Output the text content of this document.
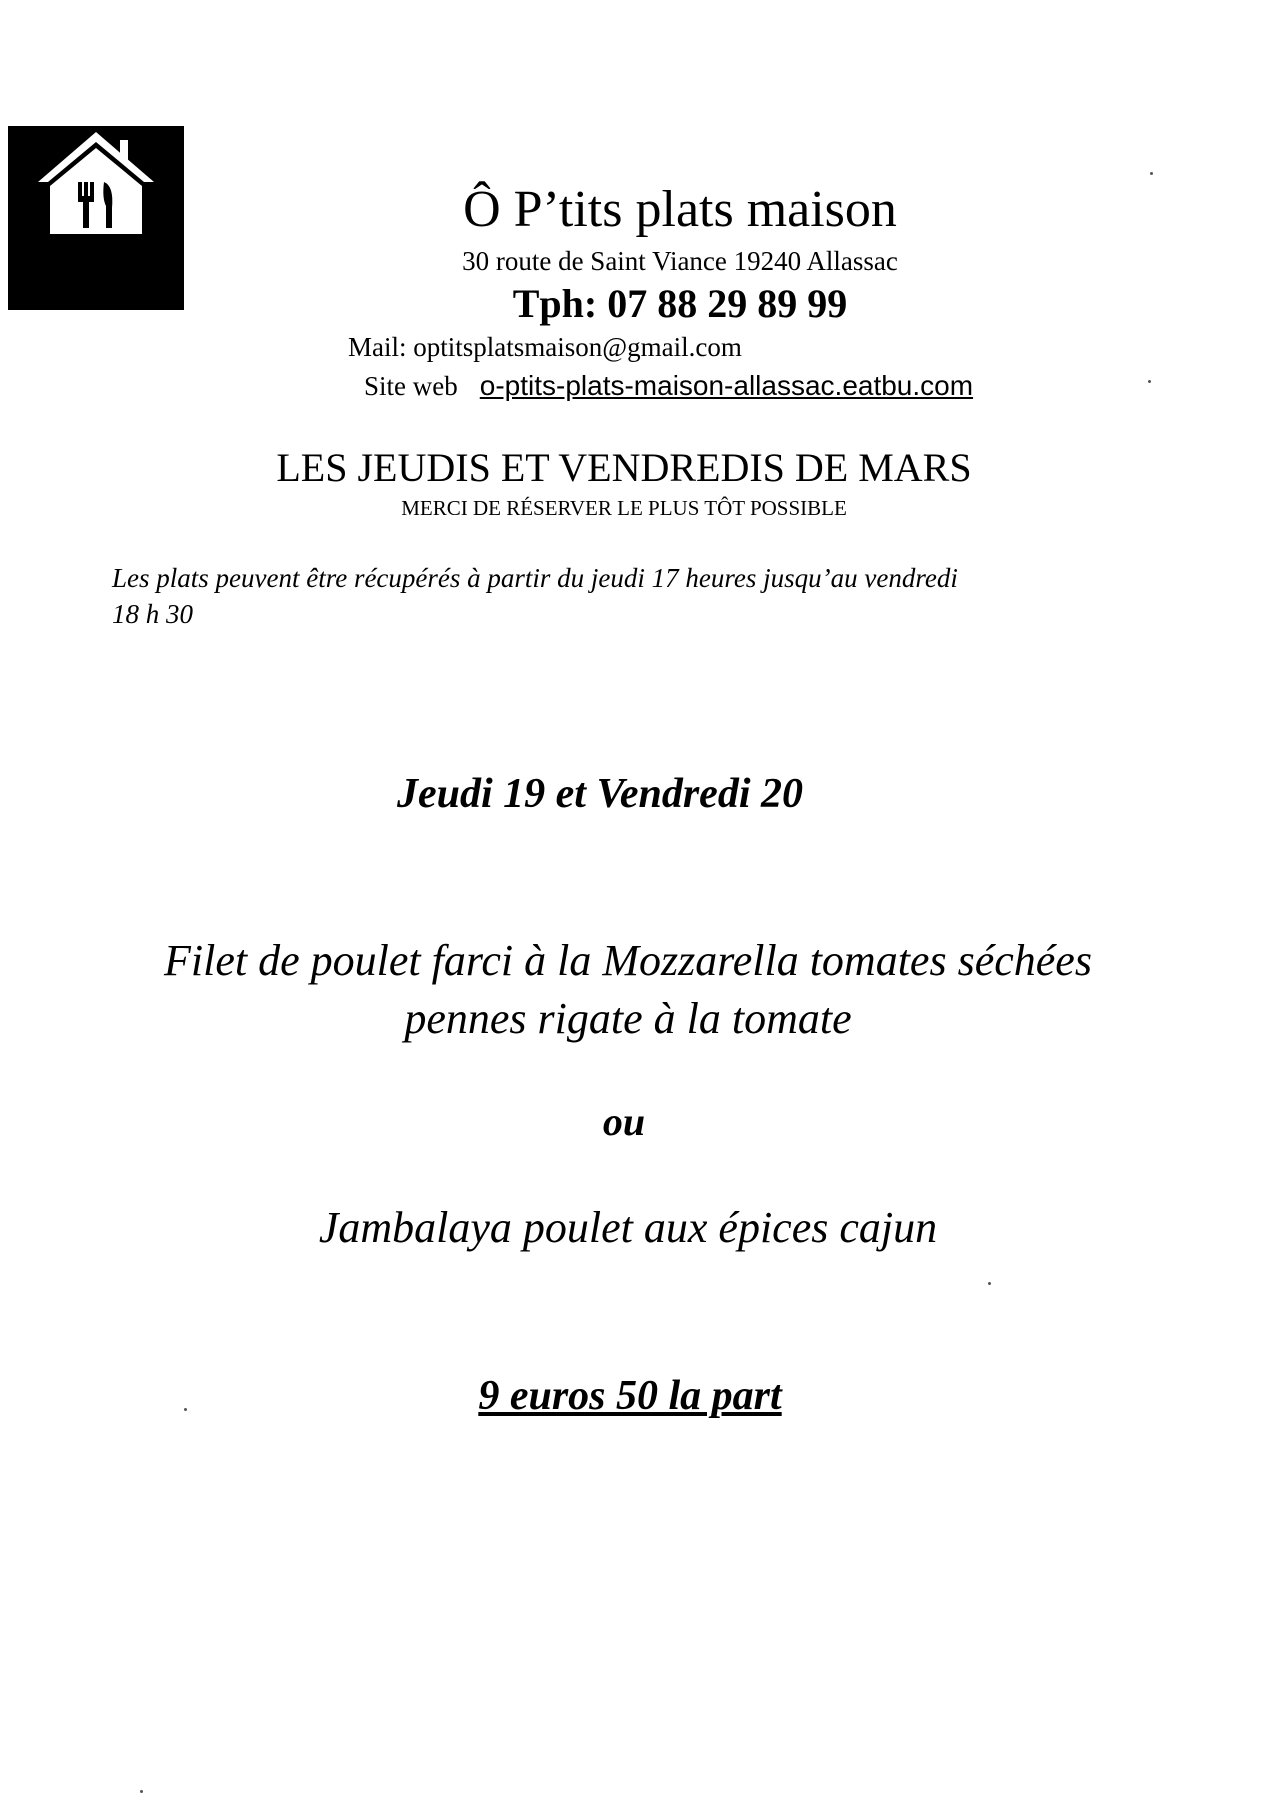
Ô P’tits plats maison
30 route de Saint Viance 19240 Allassac
Tph: 07 88 29 89 99
Mail: optitsplatsmaison@gmail.com
Site web o-ptits-plats-maison-allassac.eatbu.com
LES JEUDIS ET VENDREDIS DE MARS
MERCI DE RÉSERVER LE PLUS TÔT POSSIBLE
Les plats peuvent être récupérés à partir du jeudi 17 heures jusqu’au vendredi
18 h 30
Jeudi 19 et Vendredi 20
Filet de poulet farci à la Mozzarella tomates séchées
pennes rigate à la tomate
ou
Jambalaya poulet aux épices cajun
9 euros 50 la part
